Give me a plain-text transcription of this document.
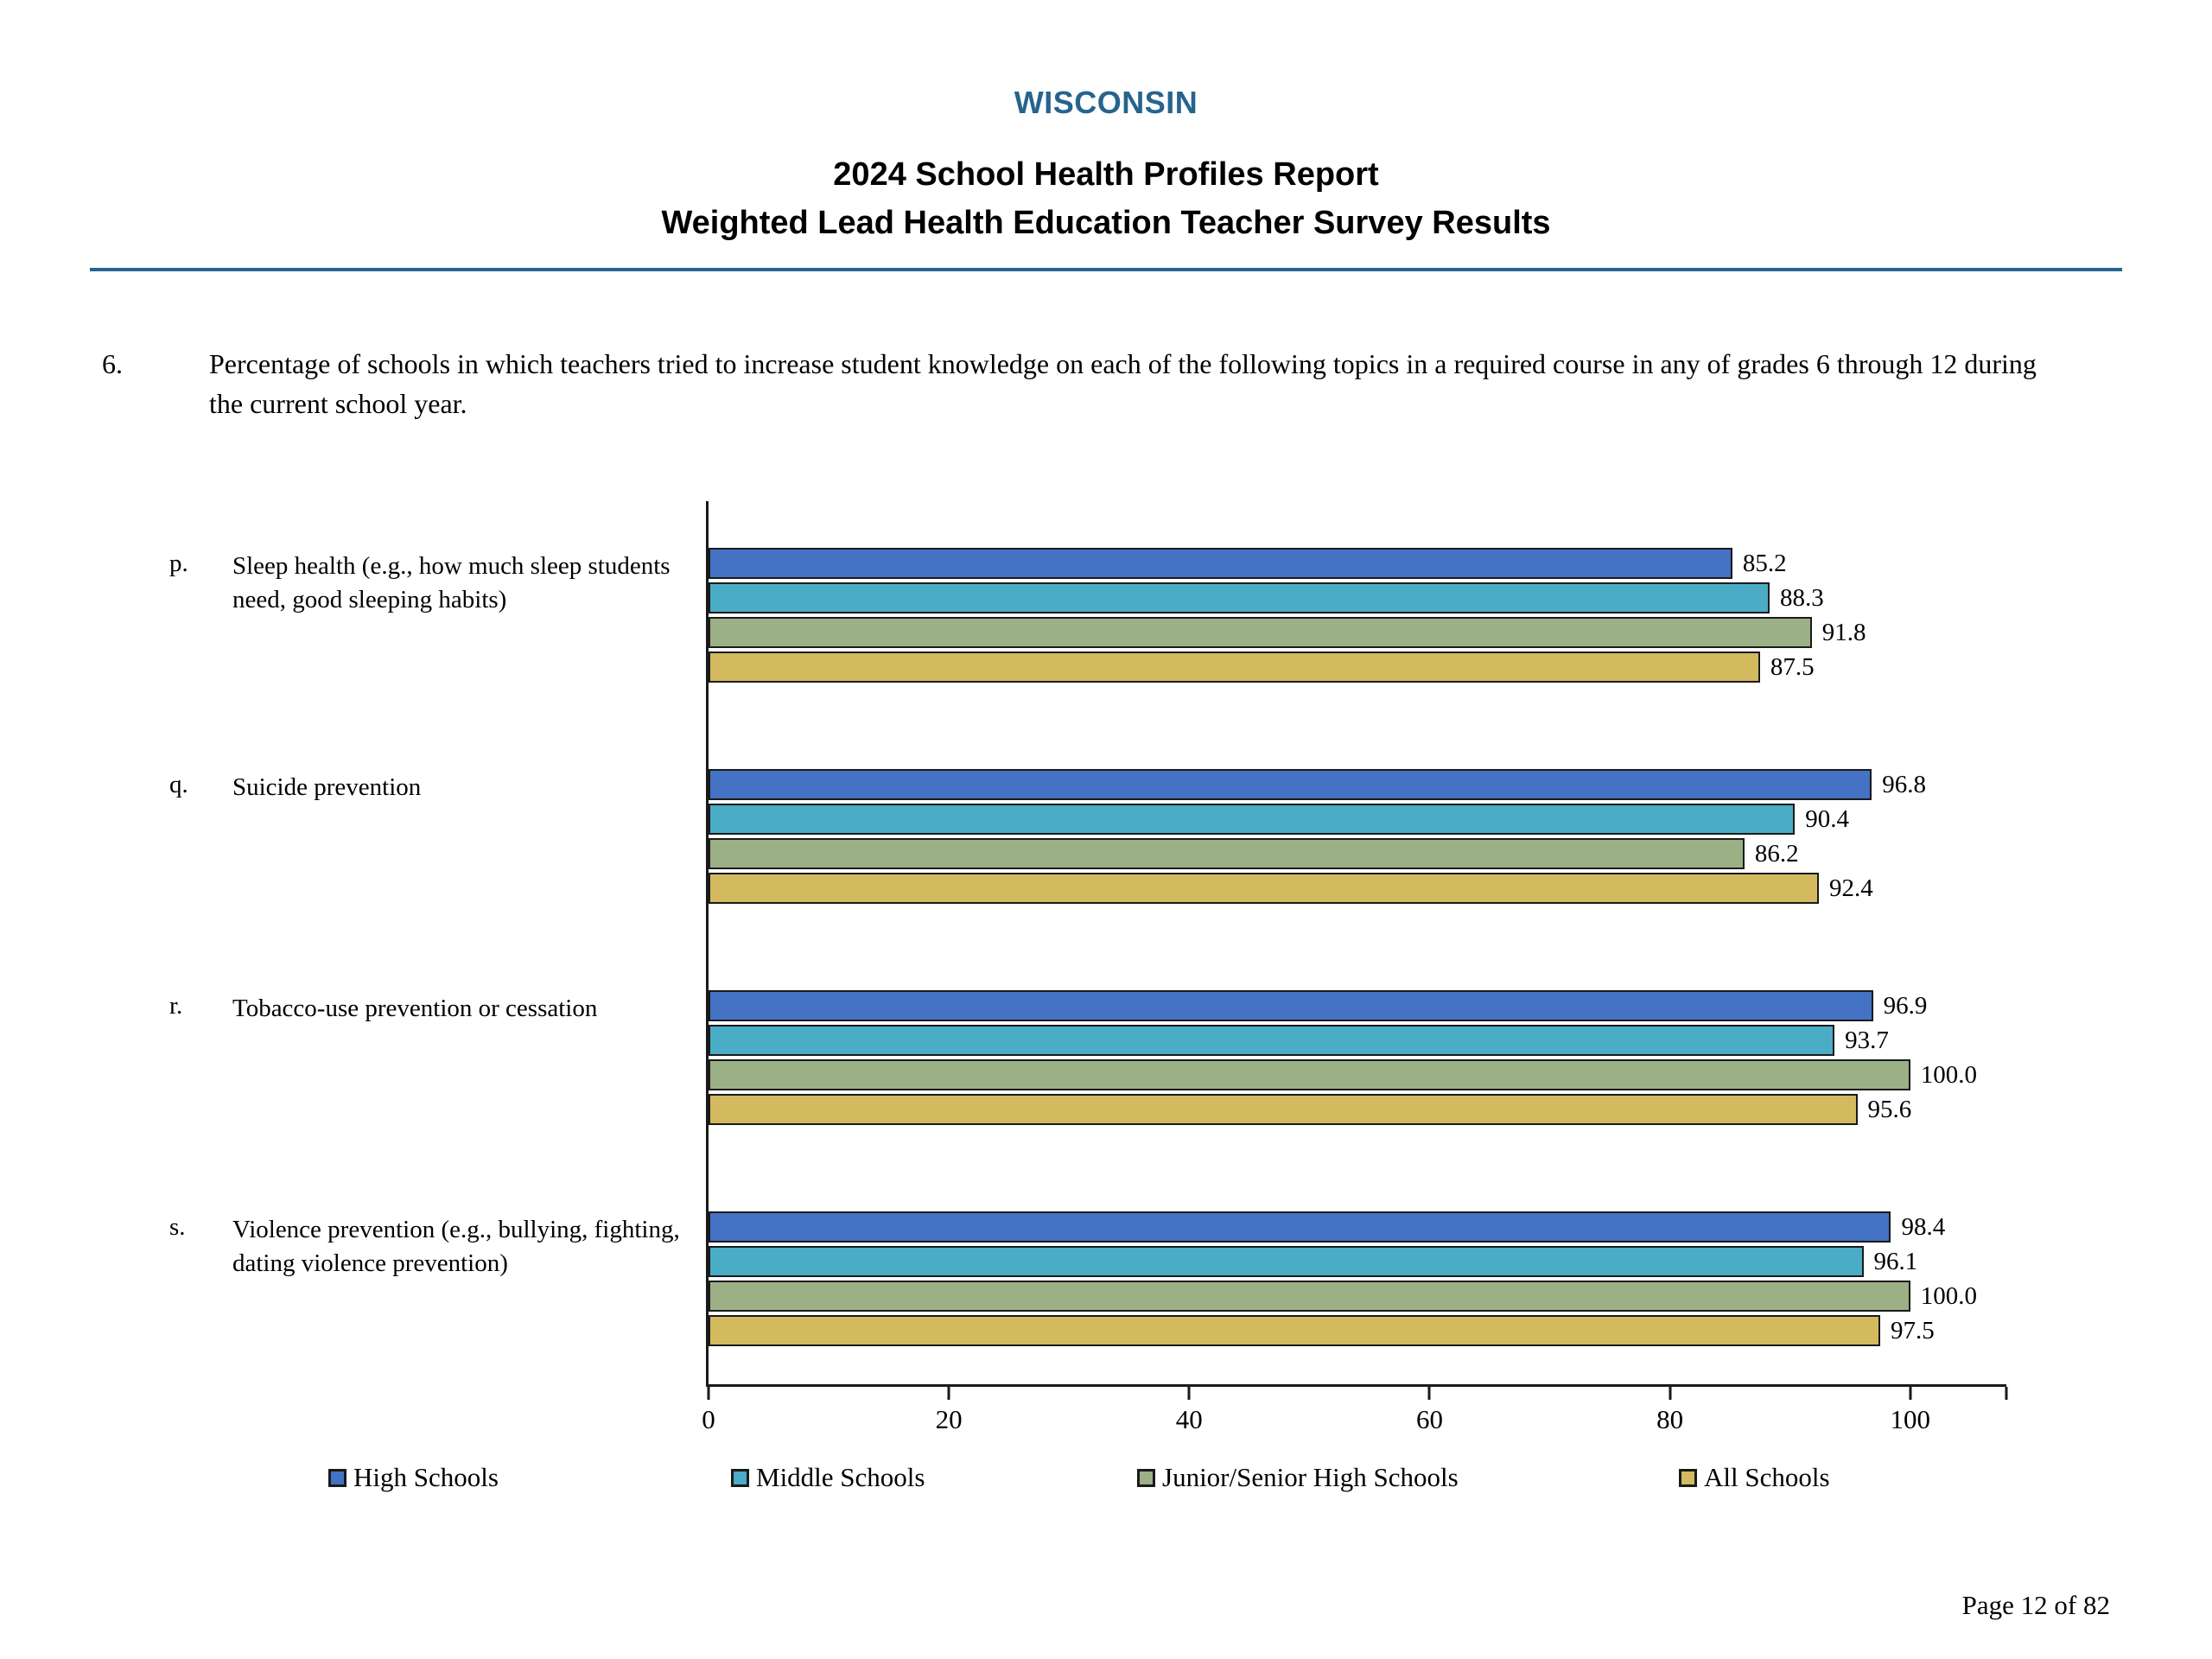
WISCONSIN
2024 School Health Profiles Report
Weighted Lead Health Education Teacher Survey Results
6.	Percentage of schools in which teachers tried to increase student knowledge on each of the following topics in a required course in any of grades 6 through 12 during the current school year.
p.	Sleep health (e.g., how much sleep students need, good sleeping habits)
q.	Suicide prevention
r.	Tobacco-use prevention or cessation
s.	Violence prevention (e.g., bullying, fighting, dating violence prevention)
85.2
88.3
91.8
87.5
96.8
90.4
86.2
92.4
96.9
93.7
100.0
95.6
98.4
96.1
100.0
97.5
0	20	40	60	80	100
High Schools	Middle Schools	Junior/Senior High Schools	All Schools
Page 12 of 82
